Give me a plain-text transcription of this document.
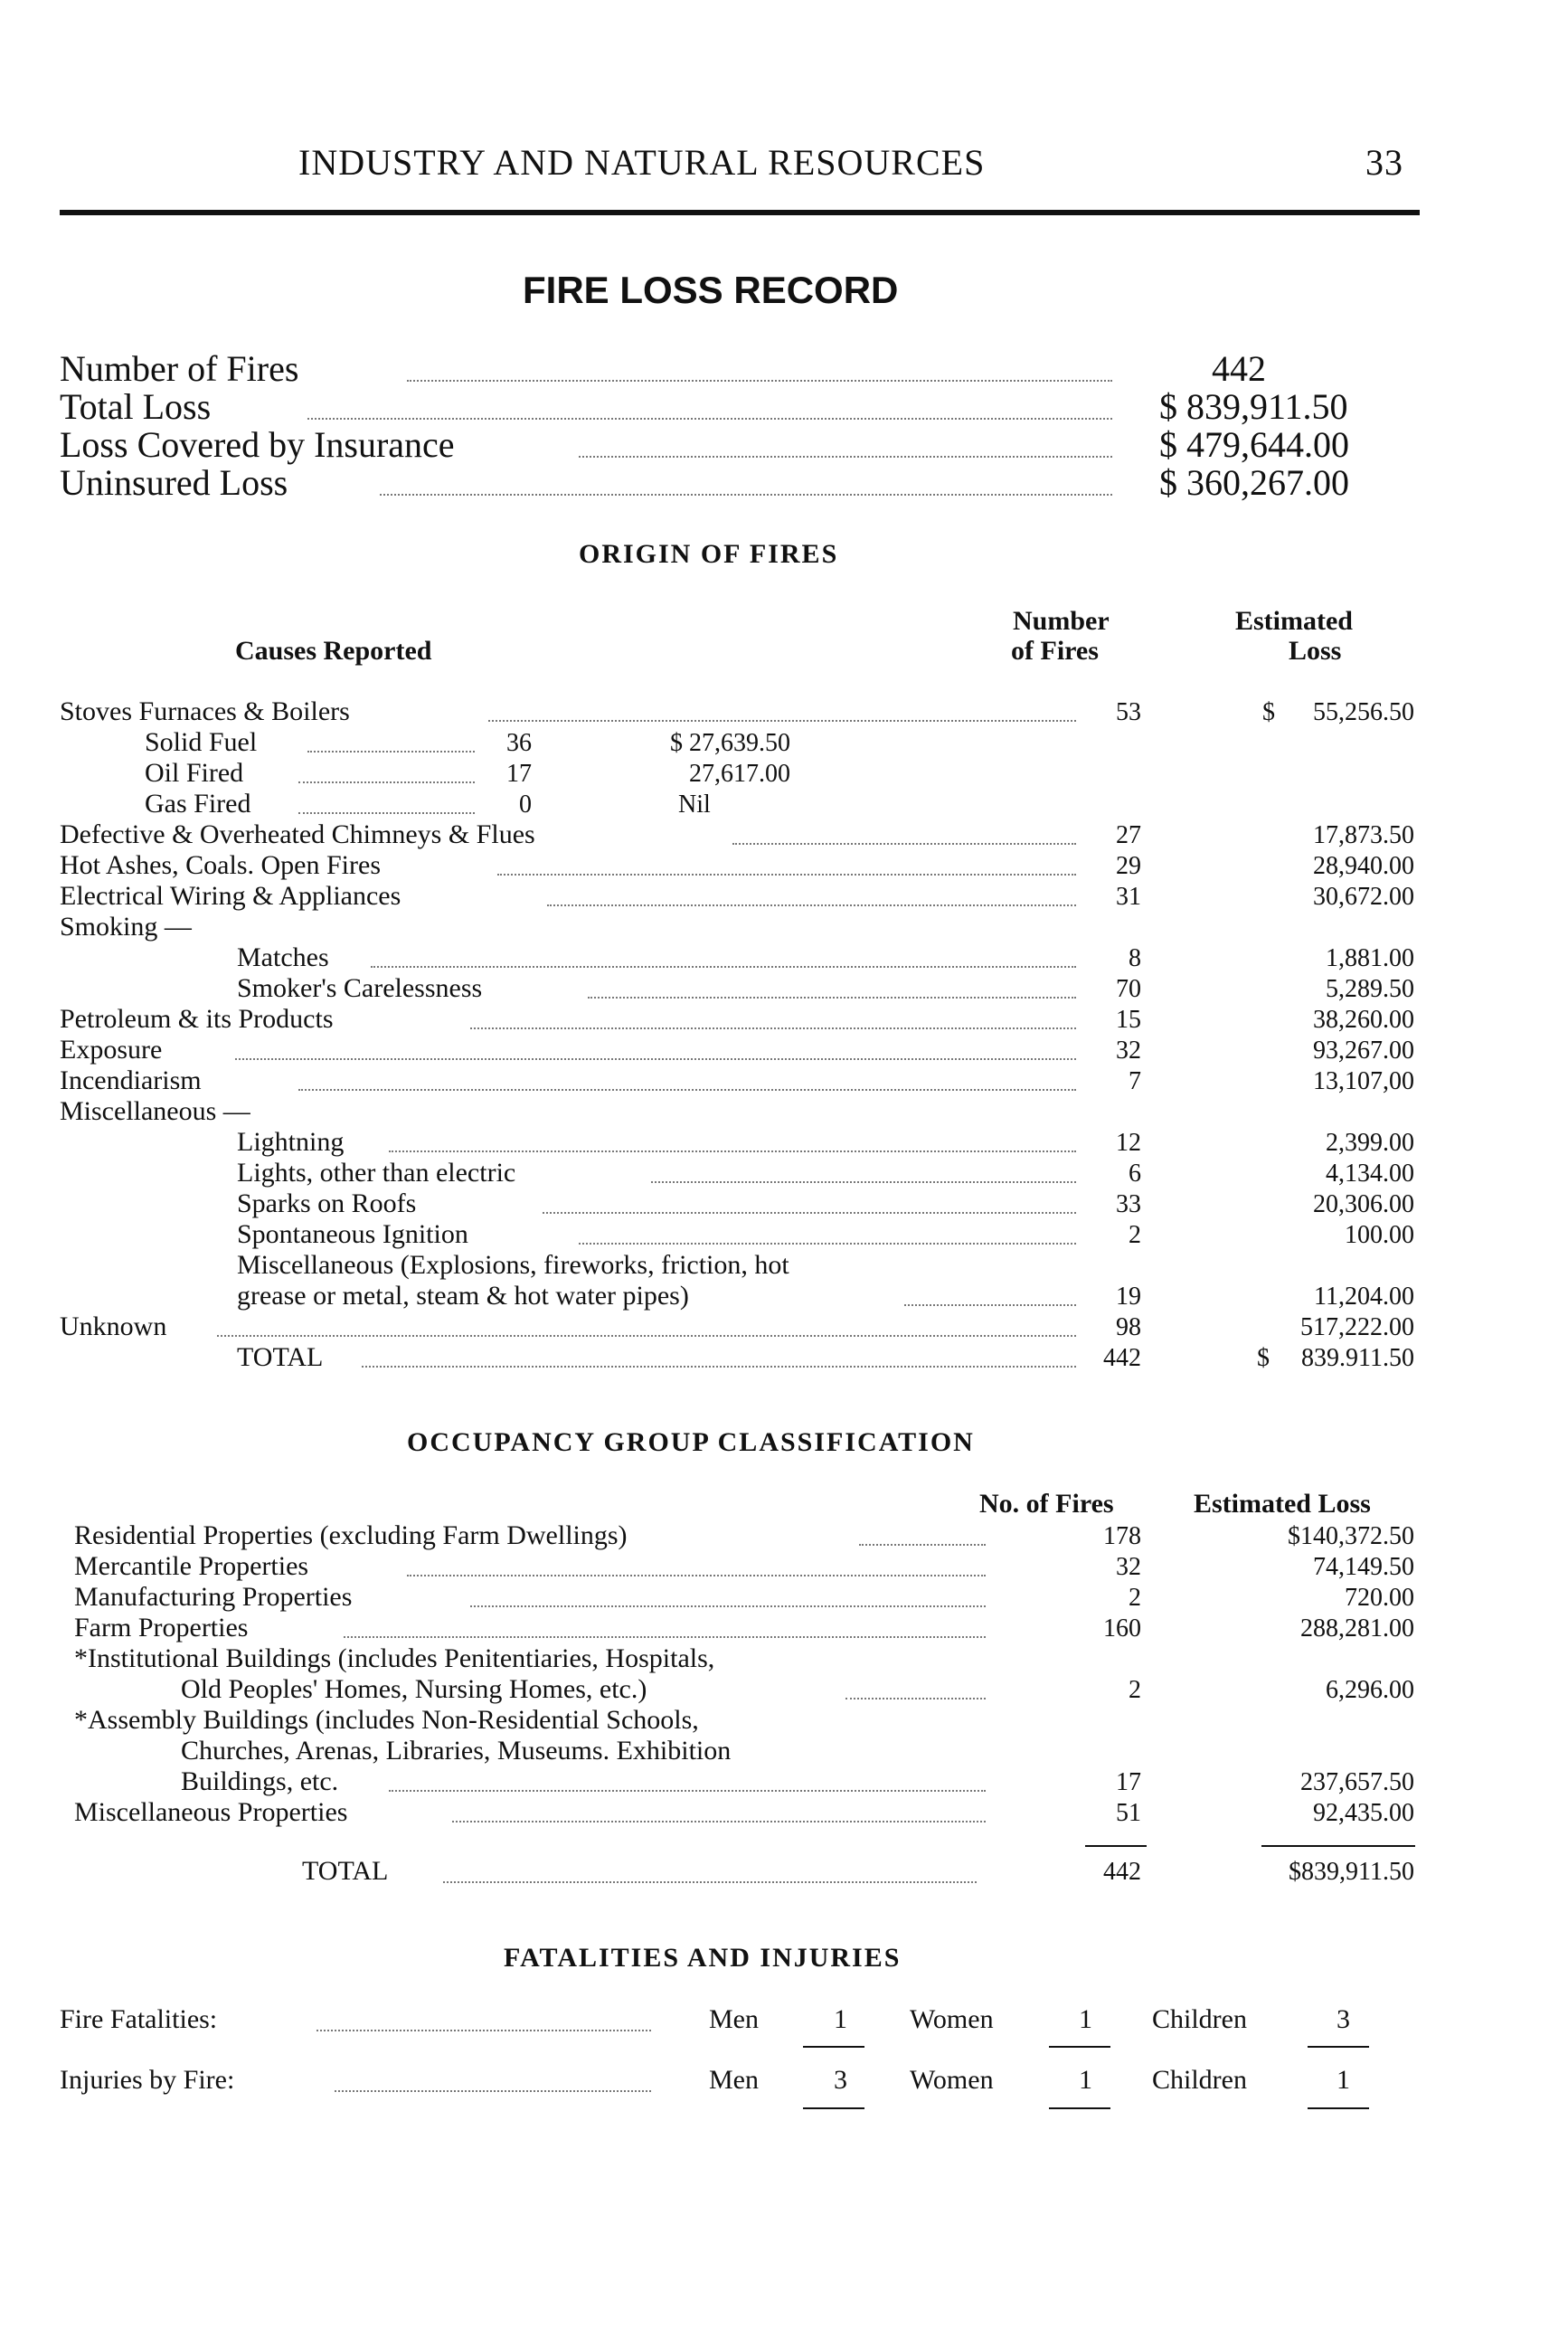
INDUSTRY AND NATURAL RESOURCES	33
FIRE LOSS RECORD
Number of Fires	442
Total Loss	$ 839,911.50
Loss Covered by Insurance	$ 479,644.00
Uninsured Loss	$ 360,267.00
ORIGIN OF FIRES
Causes Reported
Number
of Fires
Estimated
Loss
Stoves Furnaces & Boilers	53	$      55,256.50
Solid Fuel	36	$ 27,639.50
Oil Fired	17	27,617.00
Gas Fired	0	Nil
Defective & Overheated Chimneys & Flues	27	17,873.50
Hot Ashes, Coals. Open Fires	29	28,940.00
Electrical Wiring & Appliances	31	30,672.00
Smoking —
Matches	8	1,881.00
Smoker's Carelessness	70	5,289.50
Petroleum & its Products	15	38,260.00
Exposure	32	93,267.00
Incendiarism	7	13,107,00
Miscellaneous —
Lightning	12	2,399.00
Lights, other than electric	6	4,134.00
Sparks on Roofs	33	20,306.00
Spontaneous Ignition	2	100.00
Miscellaneous (Explosions, fireworks, friction, hot
grease or metal, steam & hot water pipes)	19	11,204.00
Unknown	98	517,222.00
TOTAL	442	$     839.911.50
OCCUPANCY GROUP CLASSIFICATION
No. of Fires	Estimated Loss
Residential Properties (excluding Farm Dwellings)	178	$140,372.50
Mercantile Properties	32	74,149.50
Manufacturing Properties	2	720.00
Farm Properties	160	288,281.00
*Institutional Buildings (includes Penitentiaries, Hospitals,
Old Peoples' Homes, Nursing Homes, etc.)	2	6,296.00
*Assembly Buildings (includes Non-Residential Schools,
Churches, Arenas, Libraries, Museums. Exhibition
Buildings, etc.	17	237,657.50
Miscellaneous Properties	51	92,435.00
TOTAL	442	$839,911.50
FATALITIES AND INJURIES
Fire Fatalities:	Men	1 Women	1 Children	3
Injuries by Fire:	Men	3 Women	1 Children	1
